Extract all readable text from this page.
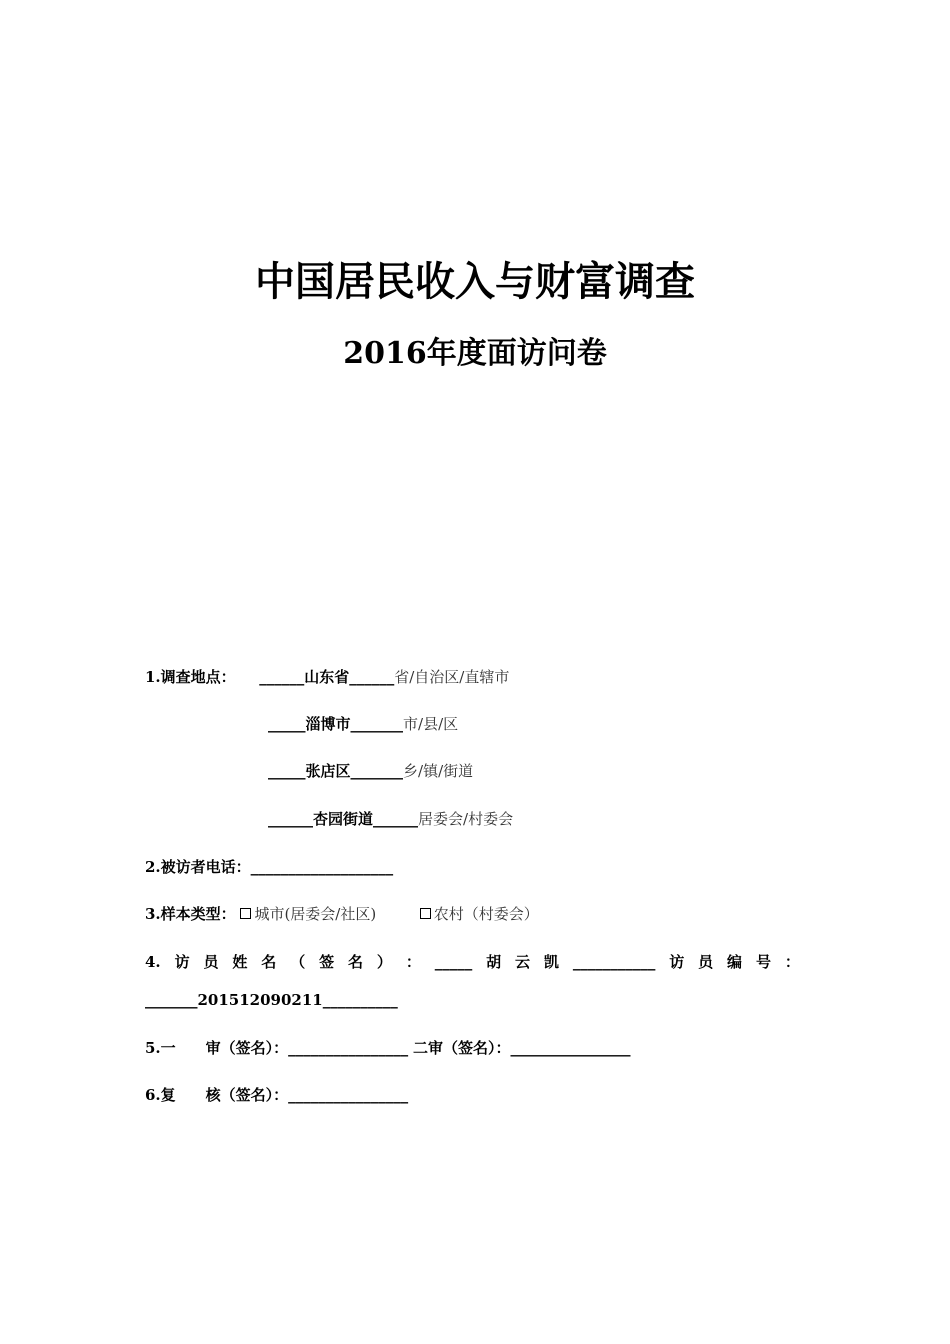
中国居民收入与财富调查
2016年度面访问卷
1.调查地点： ______山东省______省/自治区/直辖市
_____淄博市_______市/县/区
_____张店区_______乡/镇/街道
______杏园街道______居委会/村委会
2.被访者电话：___________________
3.样本类型： 城市(居委会/社区)	农村（村委会）
4. 访 员 姓 名 （ 签 名 ） ： _____ 胡 云 凯 ___________ 访 员 编 号 ：
_______201512090211__________
5.一　　审（签名）：________________ 二审（签名）：________________
6.复　　核（签名）：________________
